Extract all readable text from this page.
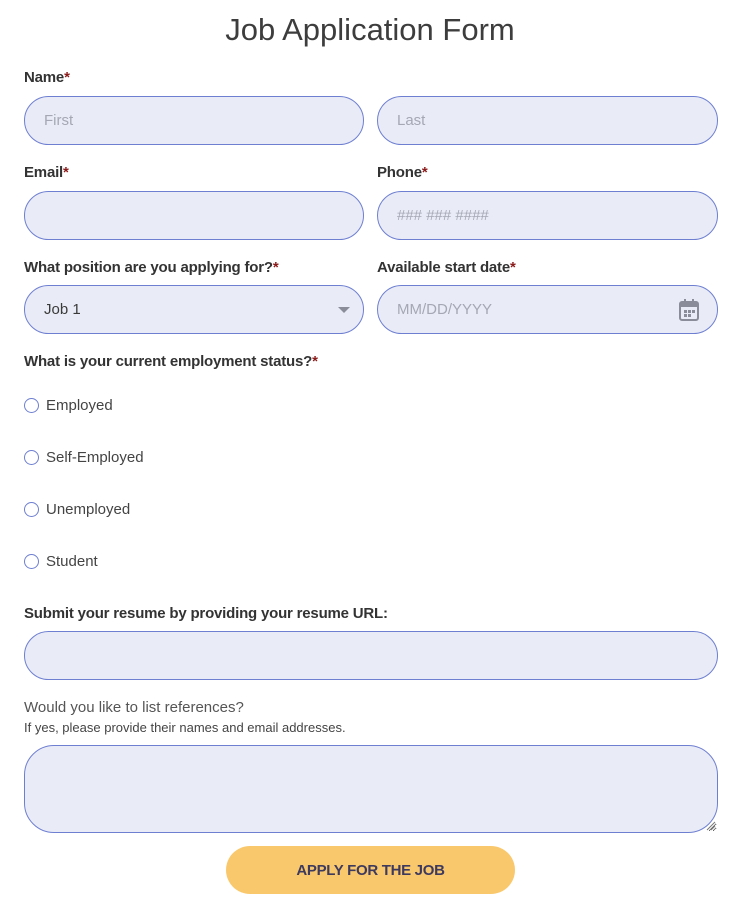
Job Application Form
Name*
First
Last
Email*	Phone*
### ### ####
What position are you applying for?*	Available start date*
Job 1	MM/DD/YYYY
What is your current employment status?*
Employed
Self-Employed
Unemployed
Student
Submit your resume by providing your resume URL:
Would you like to list references?
If yes, please provide their names and email addresses.
APPLY FOR THE JOB
